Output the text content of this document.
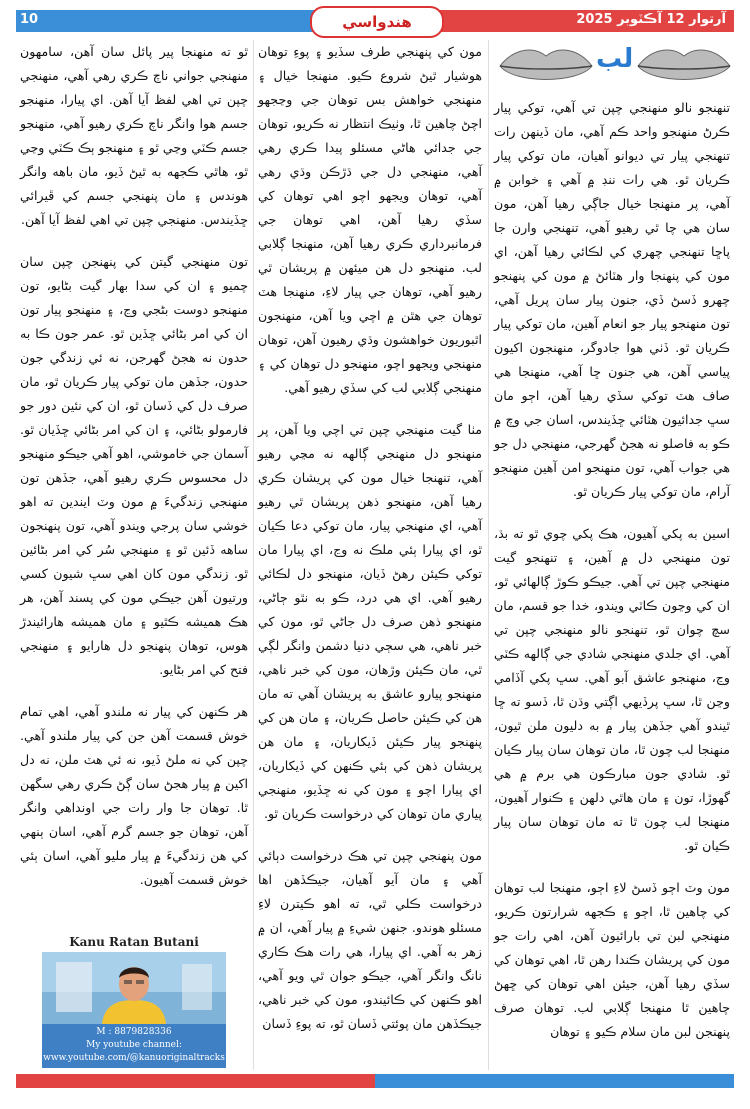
10	هندواسي	آرتوار 12 آڪٽوبر 2025
لب

تنهنجو نالو منهنجي چپن تي آهي، توکي پيار ڪرڻ منهنجو واحد ڪم آهي، مان ڏينهن رات تنهنجي پيار تي ديوانو آهيان، مان توکي پيار ڪريان ٿو. هي رات ننڊ ۾ آهي ۽ خوابن ۾ آهي، پر منهنجا خيال جاڳي رهيا آهن، مون سان هي چا ٿي رهيو آهي، تنهنجي وارن جا پاڇا تنهنجي چهري کي لڪائي رهيا آهن، اي مون کي پنهنجا وار هٽائڻ ۾ مون کي پنهنجو چهرو ڏسڻ ڏي، جنون پيار سان پريل آهي، تون منهنجو پيار جو انعام آهين، مان توکي پيار ڪريان ٿو. ڏٺي هوا جادوگر، منهنجون اکيون پياسي آهن، هي جنون ڇا آهي، منهنجا هي صاف هٽ توکي سڏي رهيا آهن، اڄو مان سڀ جدائيون هٽائي ڇڏيندس، اسان جي وچ ۾ ڪو به فاصلو نه هجڻ گهرجي، منهنجي دل جو هي جواب آهي، تون منهنجو امن آهين منهنجو آرام، مان توکي پيار ڪريان ٿو.

اسين به پکي آهيون، هڪ پکي چوي ٿو ته بڌ، تون منهنجي دل ۾ آهين، ۽ تنهنجو گيت منهنجي چپن تي آهي. جيڪو ڪوڙ ڳالهائي ٿو، ان کي وڃون ڪاٽي ويندو، خدا جو قسم، مان سچ چوان ٿو، تنهنجو نالو منهنجي چپن تي آهي. اي جلدي منهنجي شادي جي ڳالهه ڪٽي وڃ، منهنجو عاشق آبو آهي. سڀ پکي آڏامي وڃن ٿا، سڀ پرڏيهي اڳتي وڌن ٿا، ڏسو ته ڇا ٿيندو آهي جڏهن پيار ۾ به دليون ملن ٿيون، منهنجا لب چون ٿا، مان توهان سان پيار ڪيان ٿو. شادي جون مبارڪون هي برم ۾ هي گهوڙا، تون ۽ مان هاٿي دلهن ۽ ڪنوار آهيون، منهنجا لب چون ٿا ته مان توهان سان پيار ڪيان ٿو.

مون وٽ اڄو ڏسڻ لاءِ اڄو، منهنجا لب توهان کي چاهين ٿا، اڄو ۽ ڪجهه شرارتون ڪريو، منهنجي لبن تي بارائيون آهن، اهي رات جو مون کي پريشان ڪندا رهن ٿا، اهي توهان کي سڏي رهيا آهن، جيئن اهي توهان کي ڇهڻ چاهين ٿا منهنجا ڳلابي لب. توهان صرف پنهنجن لبن مان سلام ڪيو ۽ توهان

مون کي پنهنجي طرف سڏيو ۽ پوءِ توهان هوشيار ٿيڻ شروع ڪيو. منهنجا خيال ۽ منهنجي خواهش بس توهان جي وڃجهو اچڻ چاهين ٿا، وٺيڪ انتظار نه ڪريو، توهان جي جدائي هاڻي مسئلو پيدا ڪري رهي آهي، منهنجي دل جي ڌڙڪن وڌي رهي آهي، توهان ويجهو اچو اهي توهان کي سڏي رهيا آهن، اهي توهان جي فرمانبرداري ڪري رهيا آهن، منهنجا ڳلابي لب. منهنجو دل هن ميئهن ۾ پريشان ٿي رهيو آهي، توهان جي پيار لاءِ، منهنجا هٽ توهان جي هٿن ۾ اچي ويا آهن، منهنجون اٿبوريون خواهشون وڌي رهيون آهن، توهان منهنجي ويجهو اچو، منهنجو دل توهان کي ۽ منهنجي ڳلابي لب کي سڏي رهيو آهي.

مٺا گيت منهنجي چپن تي اچي ويا آهن، پر منهنجو دل منهنجي ڳالهه نه مڃي رهيو آهي، تنهنجا خيال مون کي پريشان ڪري رهيا آهن، منهنجو ذهن پريشان ٿي رهيو آهي، اي منهنجي پيار، مان توکي دعا ڪيان ٿو، اي پيارا ٻئي ملڪ نه وڃ، اي پيارا مان توکي ڪيئن رهڻ ڏيان، منهنجو دل لڪائي رهيو آهي. اي هي درد، ڪو به نٿو ڄاڻي، منهنجو ذهن صرف دل جاڻي ٿو، مون کي خبر ناهي، هي سڄي دنيا دشمن وانگر لڳي ٿي، مان ڪيئن وڙهان، مون کي خبر ناهي، منهنجو پيارو عاشق به پريشان آهي ته مان هن کي ڪيئن حاصل ڪريان، ۽ مان هن کي پنهنجو پيار ڪيئن ڏيکاريان، ۽ مان هن پريشان ذهن کي ٻئي ڪنهن کي ڏيکاريان، اي پيارا اچو ۽ مون کي نه ڇڏيو، منهنجي پياري مان توهان کي درخواست ڪريان ٿو.

مون پنهنجي چپن تي هڪ درخواست دٻائي آهي ۽ مان آيو آهيان، جيڪڏهن اها درخواست ڪلي ٿي، ته اهو ڪيترن لاءِ مسئلو هوندو. جنهن شيءِ ۾ پيار آهي، ان ۾ زهر به آهي. اي پيارا، هي رات هڪ ڪاري نانگ وانگر آهي، جيڪو جوان ٿي ويو آهي، اهو ڪنهن کي ڪائيندو، مون کي خبر ناهي، جيڪڏهن مان پوئتي ڏسان ٿو، ته پوءِ ڏسان

ٿو ته منهنجا پير پائل سان آهن، سامهون منهنجي جواني ناچ ڪري رهي آهي، منهنجي چپن تي اهي لفظ آيا آهن. اي پيارا، منهنجو جسم هوا وانگر ناچ ڪري رهيو آهي، منهنجو جسم ڪٽي وڃي ٿو ۽ منهنجو ٻڪ ڪٽي وڃي ٿو، هاٿي ڪجهه به ٿيڻ ڏيو، مان باهه وانگر هوندس ۽ مان پنهنجي جسم کي ڦيرائي ڇڏيندس. منهنجي چپن تي اهي لفظ آيا آهن.

تون منهنجي گيتن کي پنهنجن چپن سان چميو ۽ ان کي سدا بهار گيت بڻايو، تون منهنجو دوست بڻجي وڃ، ۽ منهنجو پيار تون ان کي امر بڻائي ڇڏين ٿو. عمر جون ڪا به حدون نه هجڻ گهرجن، نه ئي زندگي جون حدون، جڏهن مان توکي پيار ڪريان ٿو، مان صرف دل کي ڏسان ٿو، ان کي نئين دور جو فارمولو بڻائي، ۽ ان کي امر بڻائي ڇڏيان ٿو. آسمان جي خاموشي، اهو آهي جيڪو منهنجو دل محسوس ڪري رهيو آهي، جڏهن تون منهنجي زندگيءَ ۾ مون وٽ ايندين ته اهو خوشي سان پرجي ويندو آهي، تون پنهنجون ساهه ڏئين ٿو ۽ منهنجي سُر کي امر بڻائين ٿو. زندگي مون کان اهي سڀ شيون کسي ورتيون آهن جيڪي مون کي پسند آهن، هر هڪ هميشه ڪٿيو ۽ مان هميشه هارائيندڙ هوس، توهان پنهنجو دل هارايو ۽ منهنجي فتح کي امر بڻايو.

هر ڪنهن کي پيار نه ملندو آهي، اهي تمام خوش قسمت آهن جن کي پيار ملندو آهي. چپن کي نه ملڻ ڏيو، نه ئي هٽ ملن، نه دل اکين ۾ پيار هجڻ سان ڳڻ ڪري رهي سگهن ٿا. توهان جا وار رات جي اونداهي وانگر آهن، توهان جو جسم گرم آهي، اسان ٻنهي کي هن زندگيءَ ۾ پيار مليو آهي، اسان ٻئي خوش قسمت آهيون.

Kanu Ratan Butani
M : 8879828336
My youtube channel:
www.youtube.com/@kanuoriginaltracks
